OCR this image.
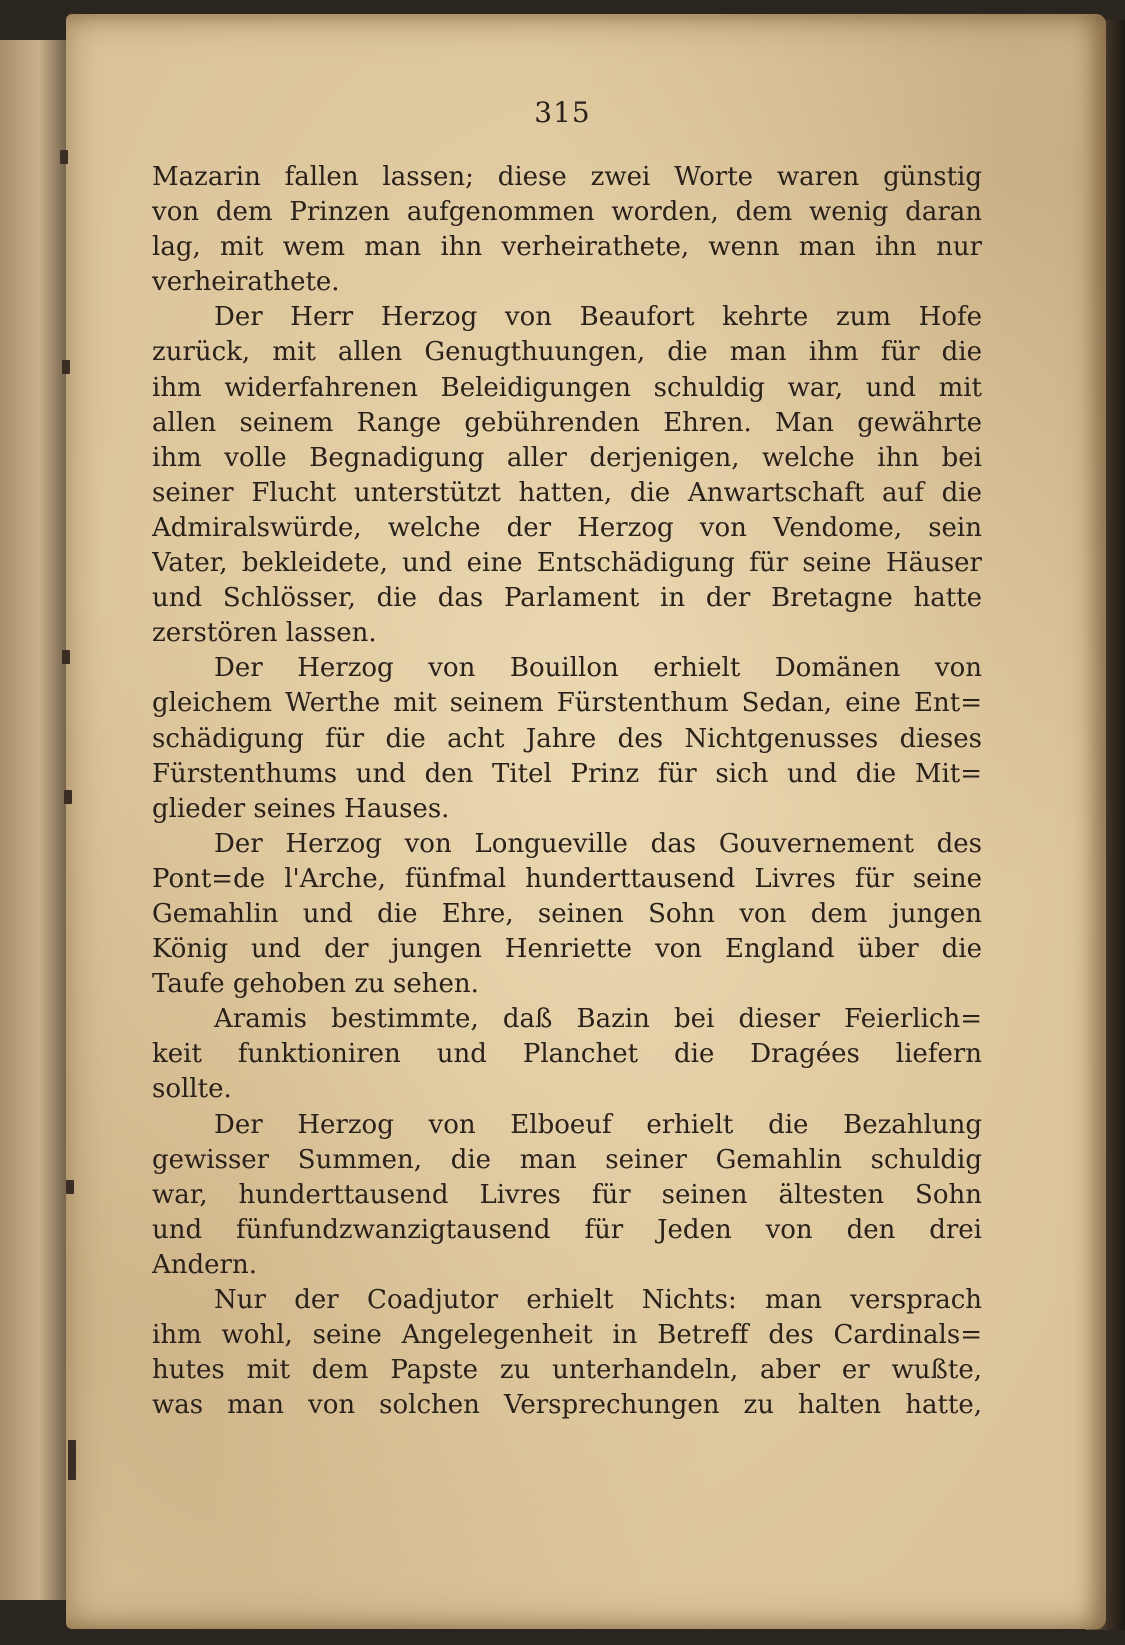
315
Mazarin fallen lassen; diese zwei Worte waren günstig
von dem Prinzen aufgenommen worden, dem wenig daran
lag, mit wem man ihn verheirathete, wenn man ihn nur
verheirathete.
Der Herr Herzog von Beaufort kehrte zum Hofe
zurück, mit allen Genugthuungen, die man ihm für die
ihm widerfahrenen Beleidigungen schuldig war, und mit
allen seinem Range gebührenden Ehren. Man gewährte
ihm volle Begnadigung aller derjenigen, welche ihn bei
seiner Flucht unterstützt hatten, die Anwartschaft auf die
Admiralswürde, welche der Herzog von Vendome, sein
Vater, bekleidete, und eine Entschädigung für seine Häuser
und Schlösser, die das Parlament in der Bretagne hatte
zerstören lassen.
Der Herzog von Bouillon erhielt Domänen von
gleichem Werthe mit seinem Fürstenthum Sedan, eine Ent=
schädigung für die acht Jahre des Nichtgenusses dieses
Fürstenthums und den Titel Prinz für sich und die Mit=
glieder seines Hauses.
Der Herzog von Longueville das Gouvernement des
Pont=de l'Arche, fünfmal hunderttausend Livres für seine
Gemahlin und die Ehre, seinen Sohn von dem jungen
König und der jungen Henriette von England über die
Taufe gehoben zu sehen.
Aramis bestimmte, daß Bazin bei dieser Feierlich=
keit funktioniren und Planchet die Dragées liefern
sollte.
Der Herzog von Elboeuf erhielt die Bezahlung
gewisser Summen, die man seiner Gemahlin schuldig
war, hunderttausend Livres für seinen ältesten Sohn
und fünfundzwanzigtausend für Jeden von den drei
Andern.
Nur der Coadjutor erhielt Nichts: man versprach
ihm wohl, seine Angelegenheit in Betreff des Cardinals=
hutes mit dem Papste zu unterhandeln, aber er wußte,
was man von solchen Versprechungen zu halten hatte,
